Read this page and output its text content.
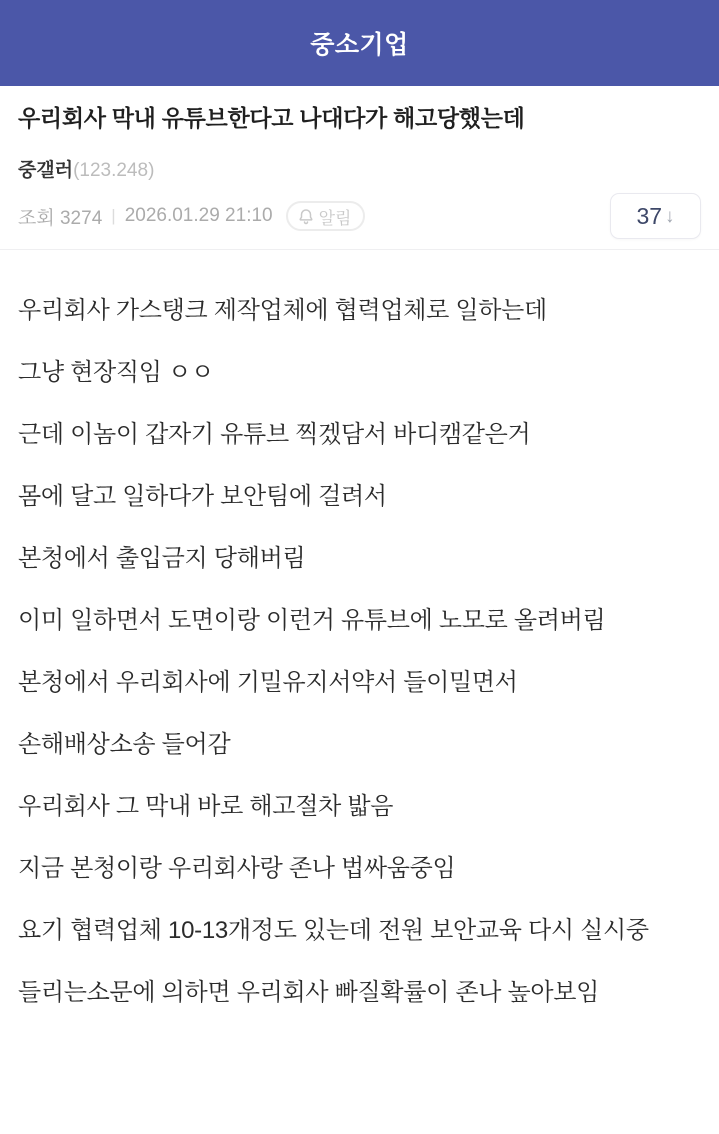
중소기업
우리회사 막내 유튜브한다고 나대다가 해고당했는데
중갤러 (123.248)
조회 3274 | 2026.01.29 21:10	알림	37 ↓

우리회사 가스탱크 제작업체에 협력업체로 일하는데

그냥 현장직임 ㅇㅇ

근데 이놈이 갑자기 유튜브 찍겠담서 바디캠같은거

몸에 달고 일하다가 보안팀에 걸려서

본청에서 출입금지 당해버림

이미 일하면서 도면이랑 이런거 유튜브에 노모로 올려버림

본청에서 우리회사에 기밀유지서약서 들이밀면서

손해배상소송 들어감

우리회사 그 막내 바로 해고절차 밟음

지금 본청이랑 우리회사랑 존나 법싸움중임

요기 협력업체 10-13개정도 있는데 전원 보안교육 다시 실시중

들리는소문에 의하면 우리회사 빠질확률이 존나 높아보임
